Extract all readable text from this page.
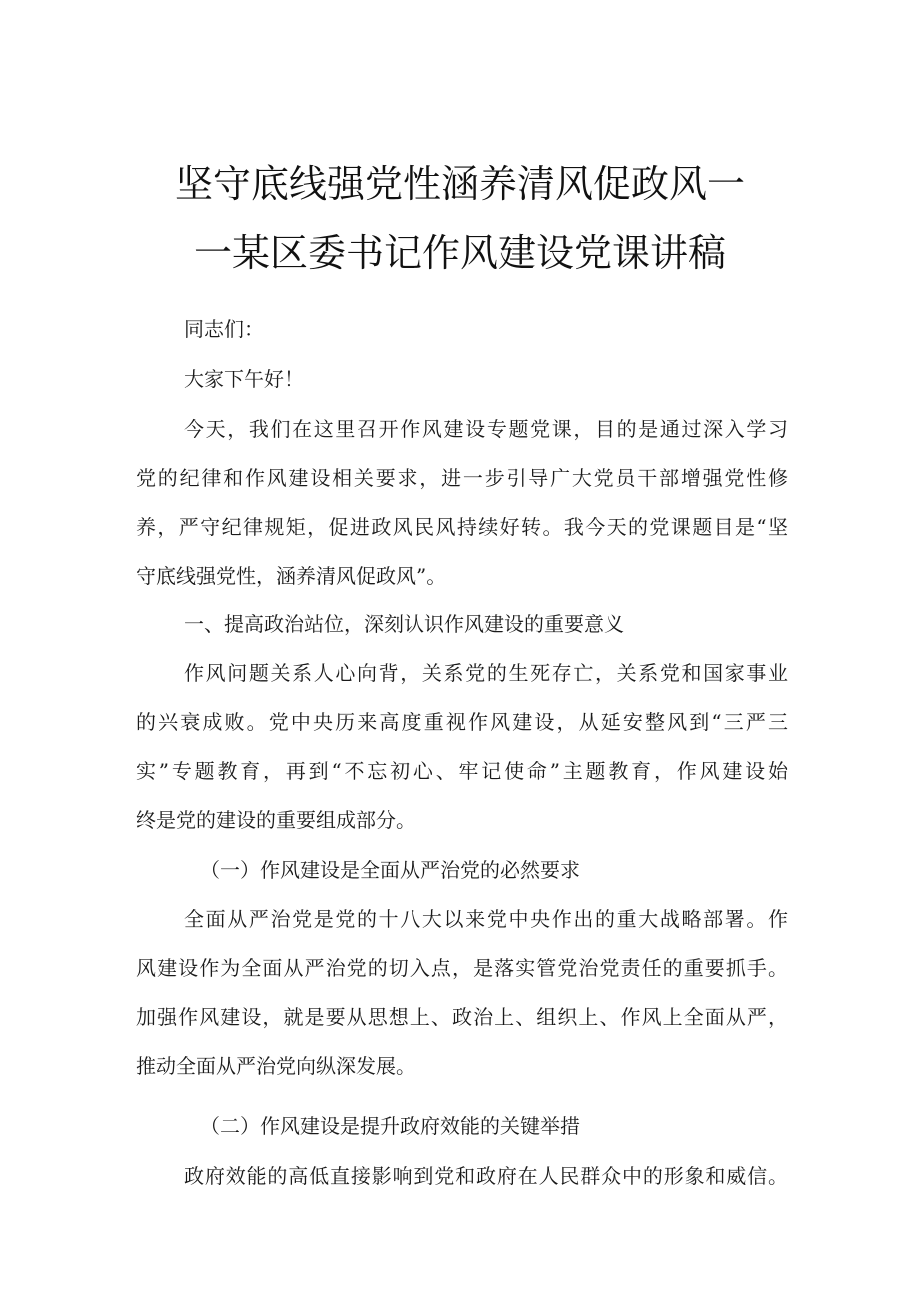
坚守底线强党性涵养清风促政风一
一某区委书记作风建设党课讲稿
同志们：
大家下午好！
今天，我们在这里召开作风建设专题党课，目的是通过深入学习
党的纪律和作风建设相关要求，进一步引导广大党员干部增强党性修
养，严守纪律规矩，促进政风民风持续好转。我今天的党课题目是“坚
守底线强党性，涵养清风促政风”。
一、提高政治站位，深刻认识作风建设的重要意义
作风问题关系人心向背，关系党的生死存亡，关系党和国家事业
的兴衰成败。党中央历来高度重视作风建设，从延安整风到“三严三
实”专题教育，再到“不忘初心、牢记使命”主题教育，作风建设始
终是党的建设的重要组成部分。
（一）作风建设是全面从严治党的必然要求
全面从严治党是党的十八大以来党中央作出的重大战略部署。作
风建设作为全面从严治党的切入点，是落实管党治党责任的重要抓手。
加强作风建设，就是要从思想上、政治上、组织上、作风上全面从严，
推动全面从严治党向纵深发展。
（二）作风建设是提升政府效能的关键举措
政府效能的高低直接影响到党和政府在人民群众中的形象和威信。
